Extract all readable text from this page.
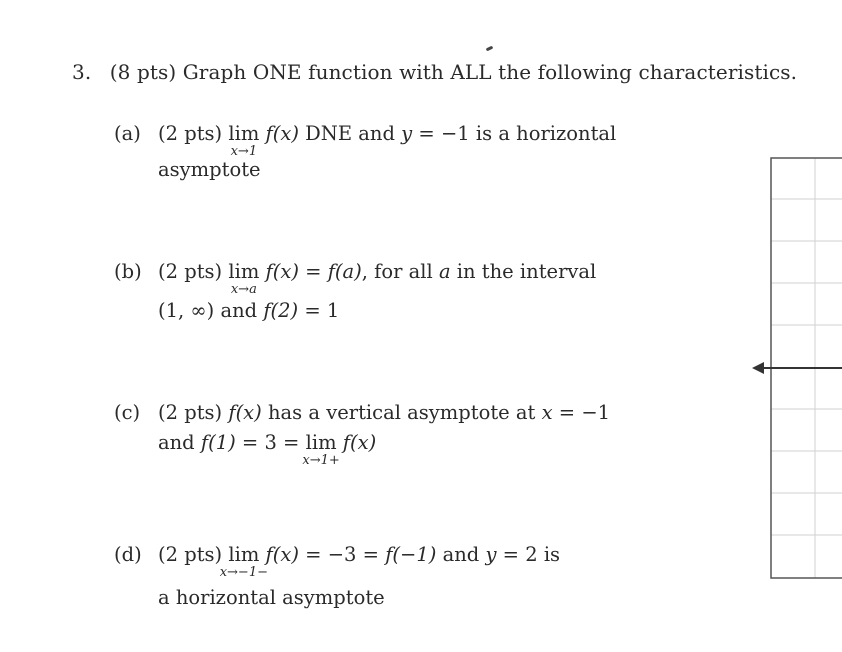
3. (8 pts) Graph ONE function with ALL the following characteristics.
(a) (2 pts) lim
x→1
f(x) DNE and y = −1 is a horizontal
asymptote
(b) (2 pts) lim
x→a
f(x) = f(a), for all a in the interval
(1, ∞) and f(2) = 1
(c) (2 pts) f(x) has a vertical asymptote at x = −1
and f(1) = 3 = lim
x→1+
f(x)
(d) (2 pts) lim
x→−1−
f(x) = −3 = f(−1) and y = 2 is
a horizontal asymptote
